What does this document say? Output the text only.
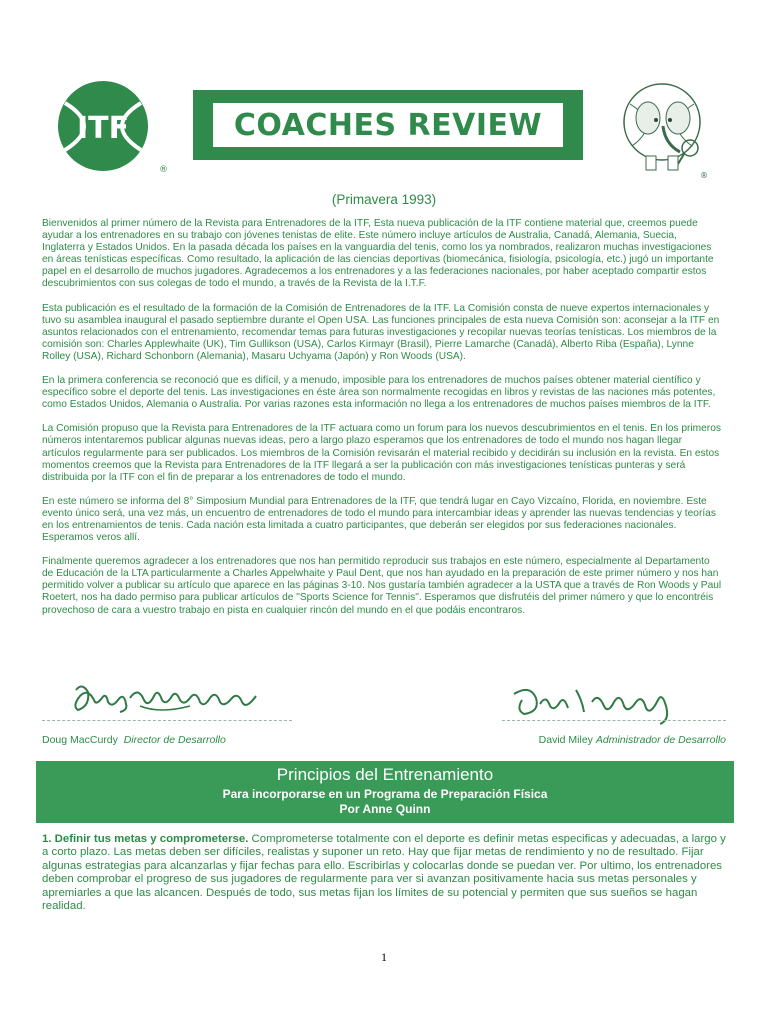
ITF
®
COACHES REVIEW
®
(Primavera 1993)

Bienvenidos al primer número de la Revista para Entrenadores de la ITF, Esta nueva publicación de la ITF contiene material que, creemos puede ayudar a los entrenadores en su trabajo con jóvenes tenistas de elite. Este número incluye artículos de Australia, Canadá, Alemania, Suecia, Inglaterra y Estados Unidos. En la pasada década los países en la vanguardia del tenis, como los ya nombrados, realizaron muchas investigaciones en áreas tenísticas específicas. Como resultado, la aplicación de las ciencias deportivas (biomecánica, fisiología, psicología, etc.) jugó un importante papel en el desarrollo de muchos jugadores. Agradecemos a los entrenadores y a las federaciones nacionales, por haber aceptado compartir estos descubrimientos con sus colegas de todo el mundo, a través de la Revista de la I.T.F.

Esta publicación es el resultado de la formación de la Comisión de Entrenadores de la ITF. La Comisión consta de nueve expertos internacionales y tuvo su asamblea inaugural el pasado septiembre durante el Open USA. Las funciones principales de esta nueva Comisión son: aconsejar a la ITF en asuntos relacionados con el entrenamiento, recomendar temas para futuras investigaciones y recopilar nuevas teorías tenísticas. Los miembros de la comisión son: Charles Applewhaite (UK), Tim Gullikson (USA), Carlos Kirmayr (Brasil), Pierre Lamarche (Canadá), Alberto Riba (España), Lynne Rolley (USA), Richard Schonborn (Alemania), Masaru Uchyama (Japón) y Ron Woods (USA).

En la primera conferencia se reconoció que es difícil, y a menudo, imposible para los entrenadores de muchos países obtener material científico y específico sobre el deporte del tenis. Las investigaciones en éste área son normalmente recogidas en libros y revistas de las naciones más potentes, como Estados Unidos, Alemania o Australia. Por varias razones esta información no llega a los entrenadores de muchos países miembros de la ITF.

La Comisión propuso que la Revista para Entrenadores de la ITF actuara como un forum para los nuevos descubrimientos en el tenis. En los primeros números intentaremos publicar algunas nuevas ideas, pero a largo plazo esperamos que los entrenadores de todo el mundo nos hagan llegar artículos regularmente para ser publicados. Los miembros de la Comisión revisarán el material recibido y decidirán su inclusión en la revista. En estos momentos creemos que la Revista para Entrenadores de la ITF llegará a ser la publicación con más investigaciones tenísticas punteras y será distribuida por la ITF con el fin de preparar a los entrenadores de todo el mundo.

En este número se informa del 8° Simposium Mundial para Entrenadores de la ITF, que tendrá lugar en Cayo Vizcaíno, Florida, en noviembre. Este evento único será, una vez más, un encuentro de entrenadores de todo el mundo para intercambiar ideas y aprender las nuevas tendencias y teorías en los entrenamientos de tenis. Cada nación esta limitada a cuatro participantes, que deberán ser elegidos por sus federaciones nacionales. Esperamos veros allí.

Finalmente queremos agradecer a los entrenadores que nos han permitido reproducir sus trabajos en este número, especialmente al Departamento de Educación de la LTA particularmente a Charles Appelwhaite y Paul Dent, que nos han ayudado en la preparación de este primer número y nos han permitido volver a publicar su artículo que aparece en las páginas 3-10. Nos gustaría también agradecer a la USTA que a través de Ron Woods y Paul Roetert, nos ha dado permiso para publicar artículos de "Sports Science for Tennis". Esperamos que disfrutéis del primer número y que lo encontréis provechoso de cara a vuestro trabajo en pista en cualquier rincón del mundo en el que podáis encontraros.

Doug MacCurdy Director de Desarrollo	David Miley Administrador de Desarrollo
Principios del Entrenamiento
Para incorporarse en un Programa de Preparación Física
Por Anne Quinn
1. Definir tus metas y comprometerse. Comprometerse totalmente con el deporte es definir metas especificas y adecuadas, a largo y a corto plazo. Las metas deben ser difíciles, realistas y suponer un reto. Hay que fijar metas de rendimiento y no de resultado. Fijar algunas estrategias para alcanzarlas y fijar fechas para ello. Escribirlas y colocarlas donde se puedan ver. Por ultimo, los entrenadores deben comprobar el progreso de sus jugadores de regularmente para ver si avanzan positivamente hacia sus metas personales y apremiarles a que las alcancen. Después de todo, sus metas fijan los límites de su potencial y permiten que sus sueños se hagan realidad.
1
